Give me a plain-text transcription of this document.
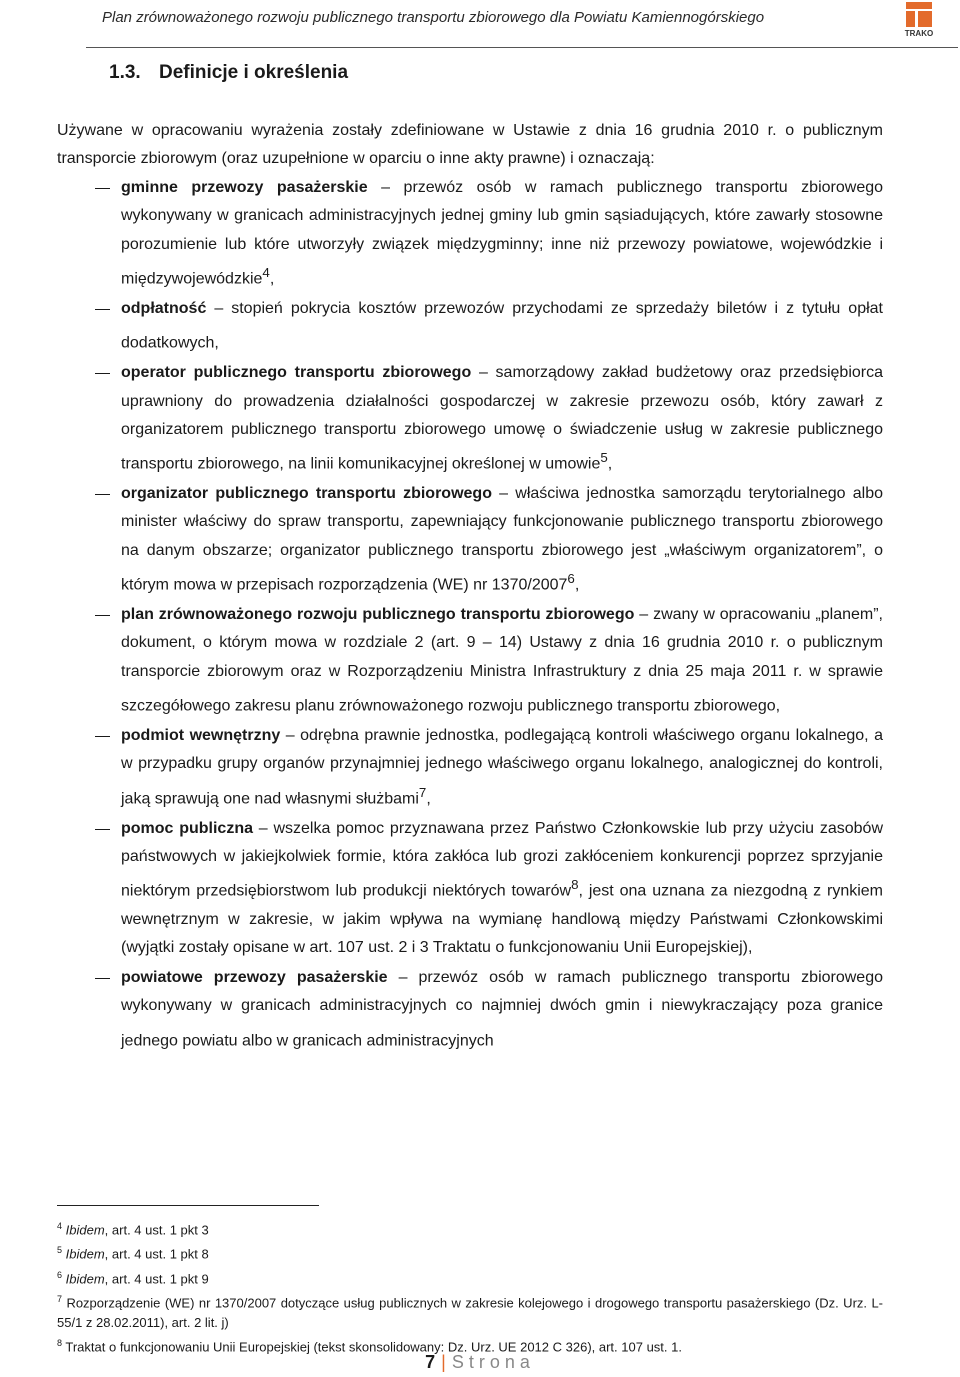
Plan zrównoważonego rozwoju publicznego transportu zbiorowego dla Powiatu Kamiennogórskiego
TRAKO
1.3. Definicje i określenia
Używane w opracowaniu wyrażenia zostały zdefiniowane w Ustawie z dnia 16 grudnia 2010 r. o publicznym transporcie zbiorowym (oraz uzupełnione w oparciu o inne akty prawne) i oznaczają:
gminne przewozy pasażerskie – przewóz osób w ramach publicznego transportu zbiorowego wykonywany w granicach administracyjnych jednej gminy lub gmin sąsiadujących, które zawarły stosowne porozumienie lub które utworzyły związek międzygminny; inne niż przewozy powiatowe, wojewódzkie i międzywojewódzkie$^4$,
odpłatność – stopień pokrycia kosztów przewozów przychodami ze sprzedaży biletów i z tytułu opłat dodatkowych,
operator publicznego transportu zbiorowego – samorządowy zakład budżetowy oraz przedsiębiorca uprawniony do prowadzenia działalności gospodarczej w zakresie przewozu osób, który zawarł z organizatorem publicznego transportu zbiorowego umowę o świadczenie usług w zakresie publicznego transportu zbiorowego, na linii komunikacyjnej określonej w umowie$^5$,
organizator publicznego transportu zbiorowego – właściwa jednostka samorządu terytorialnego albo minister właściwy do spraw transportu, zapewniający funkcjonowanie publicznego transportu zbiorowego na danym obszarze; organizator publicznego transportu zbiorowego jest „właściwym organizatorem”, o którym mowa w przepisach rozporządzenia (WE) nr 1370/2007$^6$,
plan zrównoważonego rozwoju publicznego transportu zbiorowego – zwany w opracowaniu „planem”, dokument, o którym mowa w rozdziale 2 (art. 9 – 14) Ustawy z dnia 16 grudnia 2010 r. o publicznym transporcie zbiorowym oraz w Rozporządzeniu Ministra Infrastruktury z dnia 25 maja 2011 r. w sprawie szczegółowego zakresu planu zrównoważonego rozwoju publicznego transportu zbiorowego,
podmiot wewnętrzny – odrębna prawnie jednostka, podlegającą kontroli właściwego organu lokalnego, a w przypadku grupy organów przynajmniej jednego właściwego organu lokalnego, analogicznej do kontroli, jaką sprawują one nad własnymi służbami$^7$,
pomoc publiczna – wszelka pomoc przyznawana przez Państwo Członkowskie lub przy użyciu zasobów państwowych w jakiejkolwiek formie, która zakłóca lub grozi zakłóceniem konkurencji poprzez sprzyjanie niektórym przedsiębiorstwom lub produkcji niektórych towarów$^8$, jest ona uznana za niezgodną z rynkiem wewnętrznym w zakresie, w jakim wpływa na wymianę handlową między Państwami Członkowskimi (wyjątki zostały opisane w art. 107 ust. 2 i 3 Traktatu o funkcjonowaniu Unii Europejskiej),
powiatowe przewozy pasażerskie – przewóz osób w ramach publicznego transportu zbiorowego wykonywany w granicach administracyjnych co najmniej dwóch gmin i niewykraczający poza granice jednego powiatu albo w granicach administracyjnych
$^4$ Ibidem, art. 4 ust. 1 pkt 3
$^5$ Ibidem, art. 4 ust. 1 pkt 8
$^6$ Ibidem, art. 4 ust. 1 pkt 9
$^7$ Rozporządzenie (WE) nr 1370/2007 dotyczące usług publicznych w zakresie kolejowego i drogowego transportu pasażerskiego (Dz. Urz. L-55/1 z 28.02.2011), art. 2 lit. j)
$^8$ Traktat o funkcjonowaniu Unii Europejskiej (tekst skonsolidowany: Dz. Urz. UE 2012 C 326), art. 107 ust. 1.
7 | Strona
